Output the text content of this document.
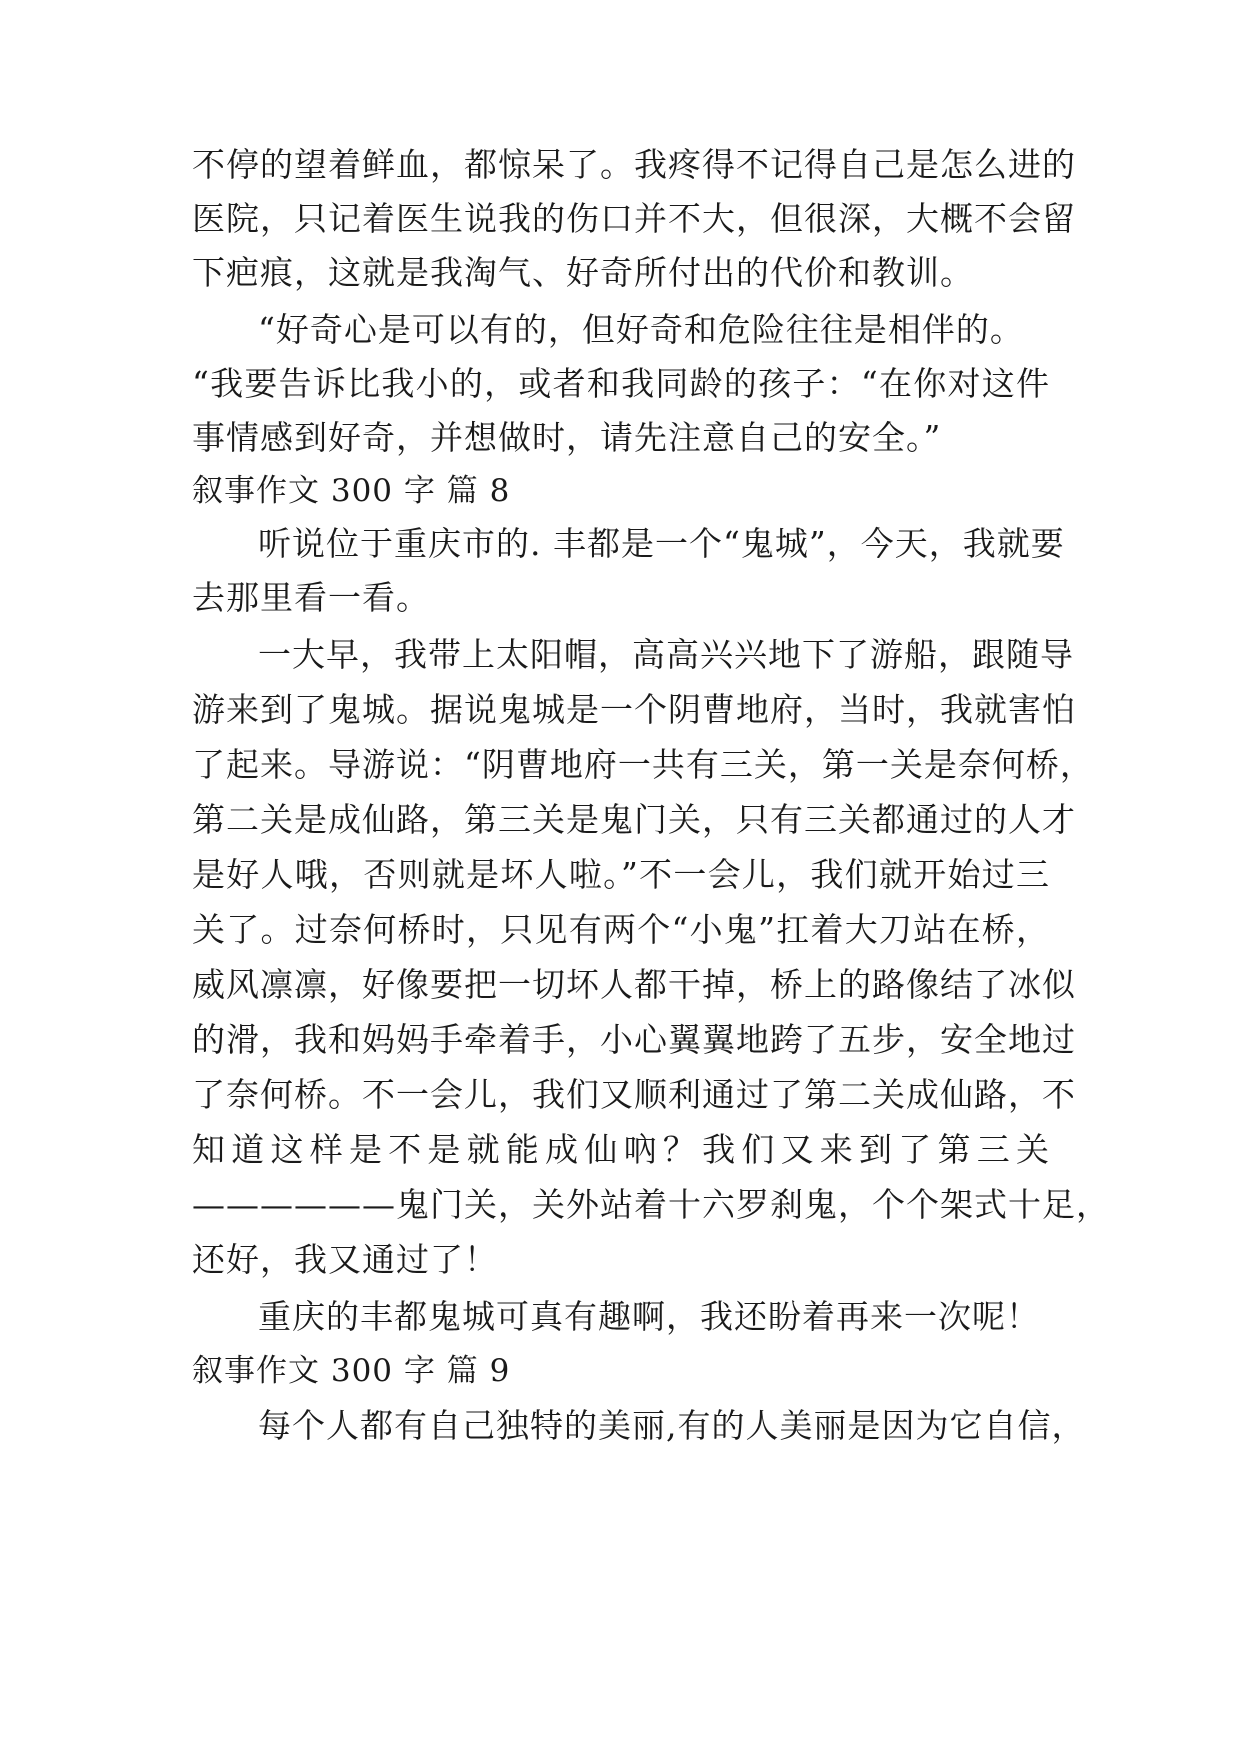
不停的望着鲜血，都惊呆了。我疼得不记得自己是怎么进的
医院，只记着医生说我的伤口并不大，但很深，大概不会留
下疤痕，这就是我淘气、好奇所付出的代价和教训。
“好奇心是可以有的，但好奇和危险往往是相伴的。
“我要告诉比我小的，或者和我同龄的孩子：“在你对这件
事情感到好奇，并想做时，请先注意自己的安全。”
叙事作文 300 字 篇 8
听说位于重庆市的. 丰都是一个“鬼城”，今天，我就要
去那里看一看。
一大早，我带上太阳帽，高高兴兴地下了游船，跟随导
游来到了鬼城。据说鬼城是一个阴曹地府，当时，我就害怕
了起来。导游说：“阴曹地府一共有三关，第一关是奈何桥，
第二关是成仙路，第三关是鬼门关，只有三关都通过的人才
是好人哦，否则就是坏人啦。”不一会儿，我们就开始过三
关了。过奈何桥时，只见有两个“小鬼”扛着大刀站在桥，
威风凛凛，好像要把一切坏人都干掉，桥上的路像结了冰似
的滑，我和妈妈手牵着手，小心翼翼地跨了五步，安全地过
了奈何桥。不一会儿，我们又顺利通过了第二关成仙路，不
知道这样是不是就能成仙吶？我们又来到了第三关
——————鬼门关，关外站着十六罗刹鬼，个个架式十足，
还好，我又通过了！
重庆的丰都鬼城可真有趣啊，我还盼着再来一次呢！
叙事作文 300 字 篇 9
每个人都有自己独特的美丽,有的人美丽是因为它自信，
